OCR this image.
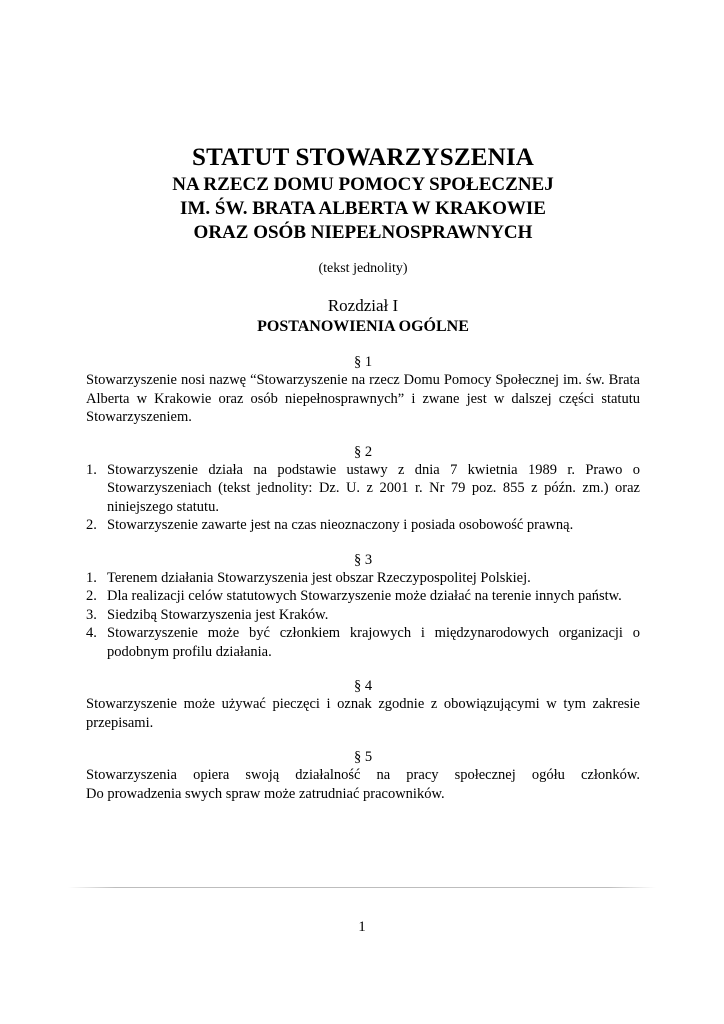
STATUT STOWARZYSZENIA

NA RZECZ DOMU POMOCY SPOŁECZNEJ

IM. ŚW. BRATA ALBERTA W KRAKOWIE

ORAZ OSÓB NIEPEŁNOSPRAWNYCH

(tekst jednolity)
Rozdział I
POSTANOWIENIA OGÓLNE
§ 1

Stowarzyszenie nosi nazwę “Stowarzyszenie na rzecz Domu Pomocy Społecznej im. św. Brata Alberta w Krakowie oraz osób niepełnosprawnych” i zwane jest w dalszej części statutu Stowarzyszeniem.

§ 2
1. Stowarzyszenie działa na podstawie ustawy z dnia 7 kwietnia 1989 r. Prawo o Stowarzyszeniach (tekst jednolity: Dz. U. z 2001 r. Nr 79 poz. 855 z późn. zm.) oraz niniejszego statutu.
2. Stowarzyszenie zawarte jest na czas nieoznaczony i posiada osobowość prawną.
§ 3
1. Terenem działania Stowarzyszenia jest obszar Rzeczypospolitej Polskiej.
2. Dla realizacji celów statutowych Stowarzyszenie może działać na terenie innych państw.
3. Siedzibą Stowarzyszenia jest Kraków.
4. Stowarzyszenie może być członkiem krajowych i międzynarodowych organizacji o podobnym profilu działania.
§ 4

Stowarzyszenie może używać pieczęci i oznak zgodnie z obowiązującymi w tym zakresie przepisami.

§ 5

Stowarzyszenia opiera swoją działalność na pracy społecznej ogółu członków.

Do prowadzenia swych spraw może zatrudniać pracowników.

1
